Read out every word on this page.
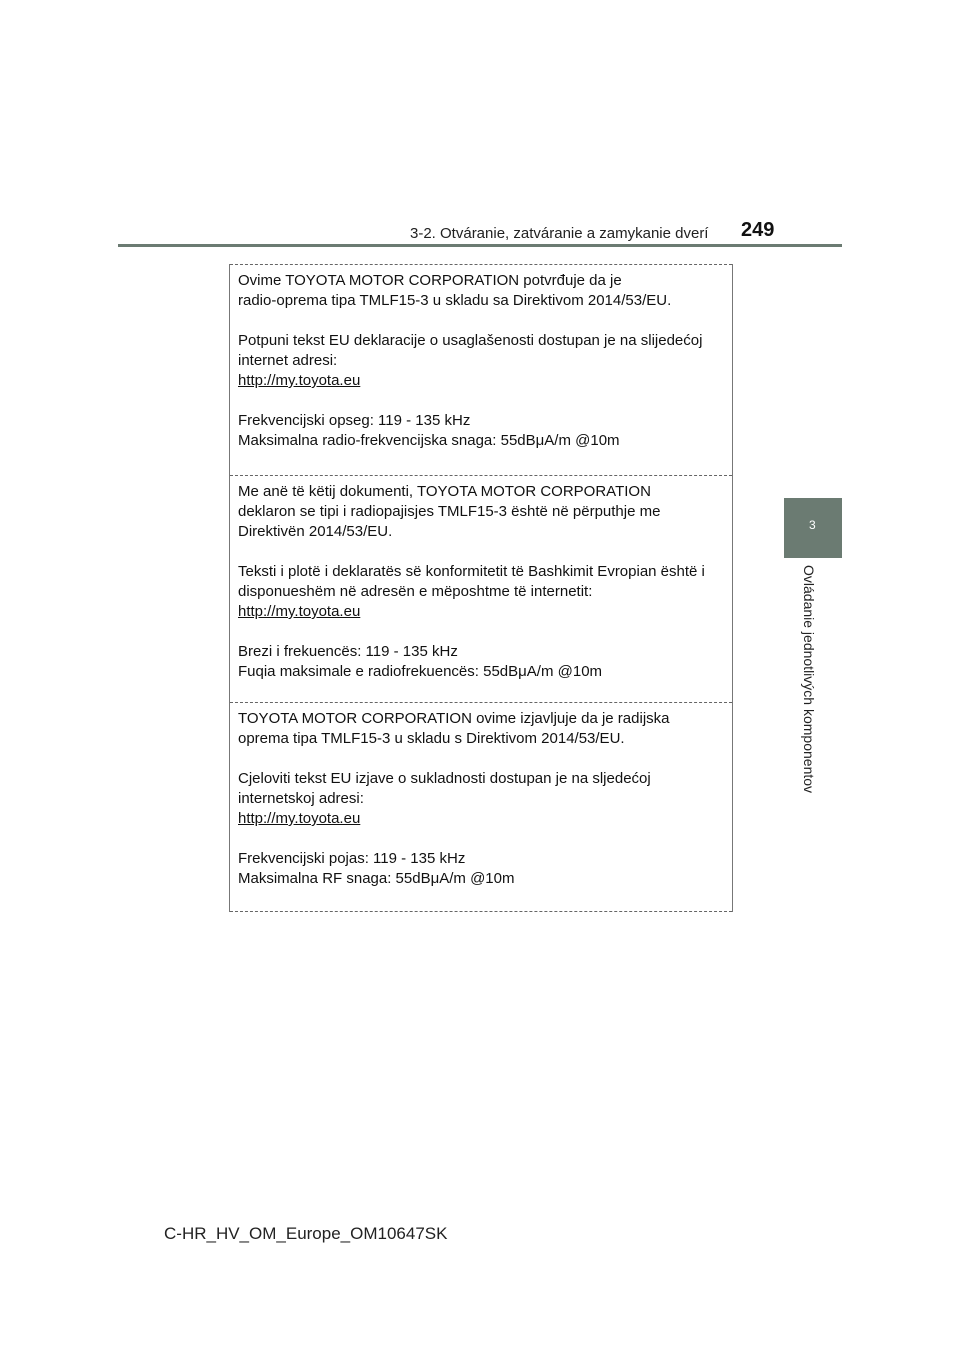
3-2. Otváranie, zatváranie a zamykanie dverí 249
3
Ovládanie jednotlivých komponentov

Ovime TOYOTA MOTOR CORPORATION potvrđuje da je
radio-oprema tipa TMLF15-3 u skladu sa Direktivom 2014/53/EU.

Potpuni tekst EU deklaracije o usaglašenosti dostupan je na slijedećoj
internet adresi:
http://my.toyota.eu

Frekvencijski opseg: 119 - 135 kHz
Maksimalna radio-frekvencijska snaga: 55dBμA/m @10m

Me anë të këtij dokumenti, TOYOTA MOTOR CORPORATION
deklaron se tipi i radiopajisjes TMLF15-3 është në përputhje me
Direktivën 2014/53/EU.

Teksti i plotë i deklaratës së konformitetit të Bashkimit Evropian është i
disponueshëm në adresën e mëposhtme të internetit:
http://my.toyota.eu

Brezi i frekuencës: 119 - 135 kHz
Fuqia maksimale e radiofrekuencës: 55dBμA/m @10m

TOYOTA MOTOR CORPORATION ovime izjavljuje da je radijska
oprema tipa TMLF15-3 u skladu s Direktivom 2014/53/EU.

Cjeloviti tekst EU izjave o sukladnosti dostupan je na sljedećoj
internetskoj adresi:
http://my.toyota.eu

Frekvencijski pojas: 119 - 135 kHz
Maksimalna RF snaga: 55dBμA/m @10m

C-HR_HV_OM_Europe_OM10647SK
